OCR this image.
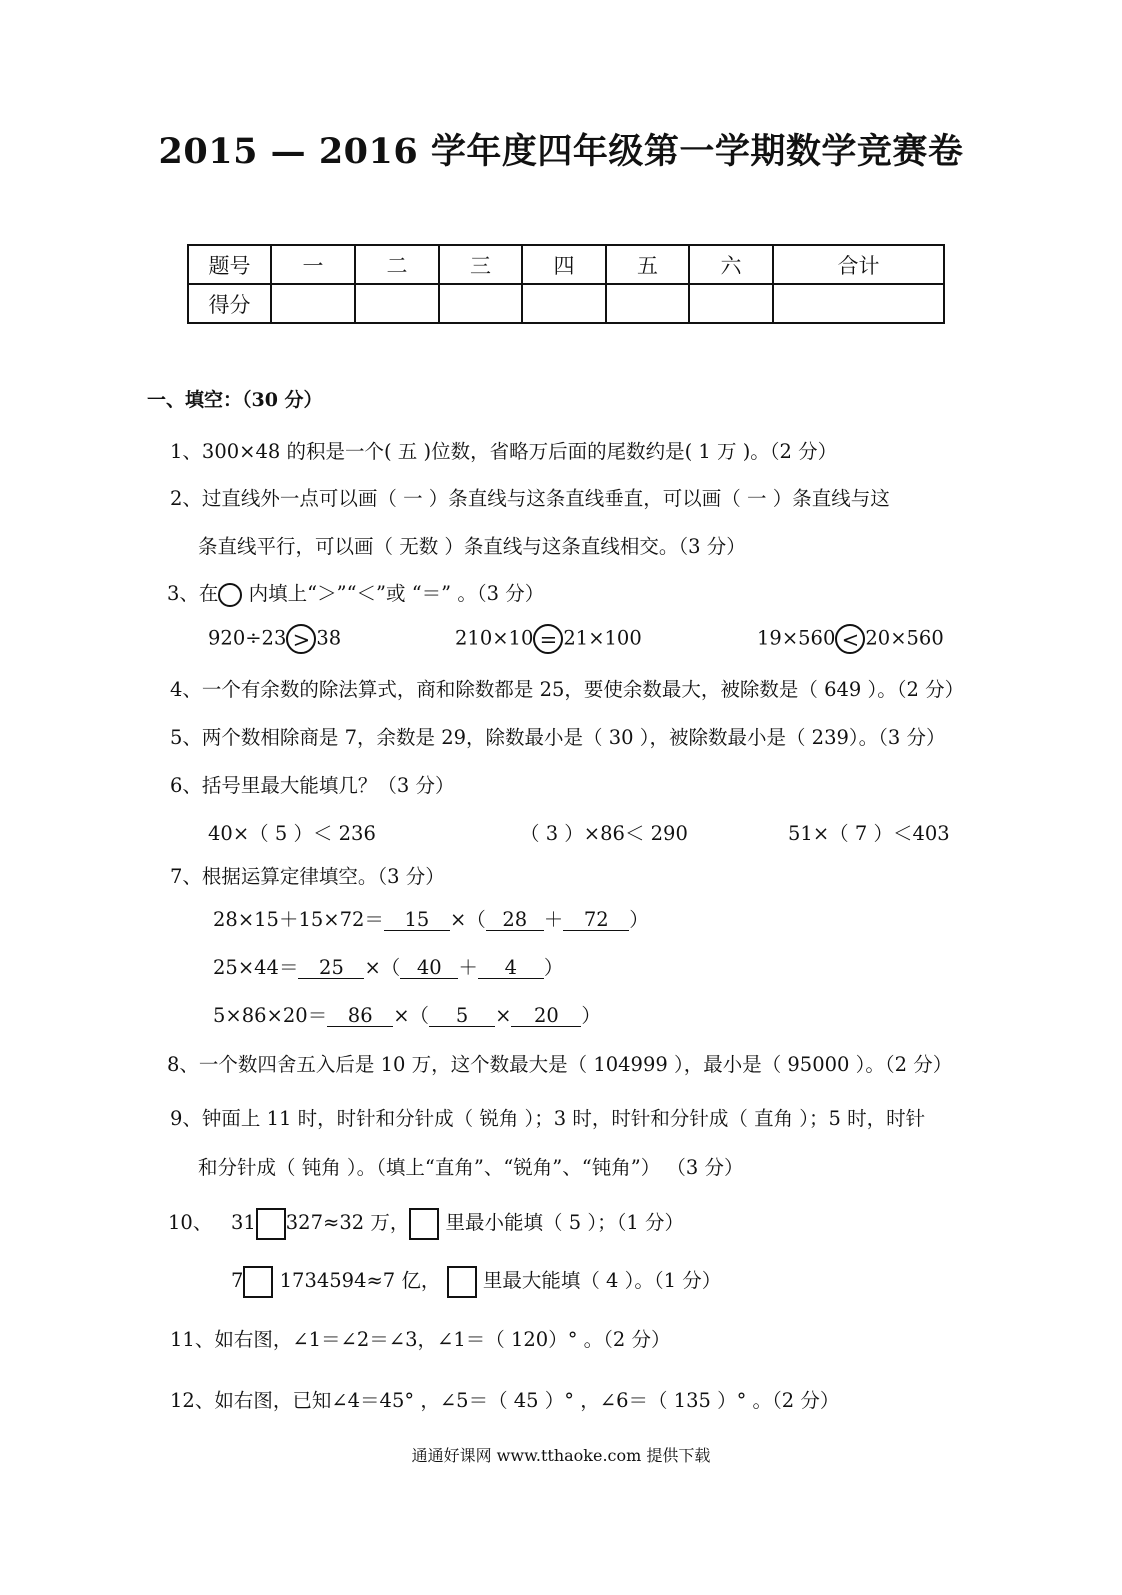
2015 — 2016 学年度四年级第一学期数学竞赛卷
题号	一	二	三	四	五	六	合计
得分							
一、填空：（30 分）
1、300×48 的积是一个( 五 )位数，省略万后面的尾数约是( 1 万 )。（2 分）
2、过直线外一点可以画（ 一 ）条直线与这条直线垂直，可以画（ 一 ）条直线与这
条直线平行，可以画（ 无数 ）条直线与这条直线相交。（3 分）
3、在 内填上“＞”“＜”或 “＝” 。（3 分）
920÷23 > 38	210×10 = 21×100	19×560 < 20×560
4、一个有余数的除法算式，商和除数都是 25，要使余数最大，被除数是（ 649 ）。（2 分）
5、两个数相除商是 7，余数是 29，除数最小是（ 30 ），被除数最小是（ 239）。（3 分）
6、括号里最大能填几？（3 分）
40×（ 5 ）＜ 236	（ 3 ）×86＜ 290	51×（ 7 ）＜403
7、根据运算定律填空。（3 分）
28×15＋15×72＝ 15 ×（ 28 ＋ 72 ）
25×44＝ 25 ×（ 40 ＋ 4 ）
5×86×20＝ 86 ×（ 5 × 20 ）
8、一个数四舍五入后是 10 万，这个数最大是（ 104999 ），最小是（ 95000 ）。（2 分）
9、钟面上 11 时，时针和分针成（ 锐角 ）；3 时，时针和分针成（ 直角 ）；5 时，时针
和分针成（ 钝角 ）。（填上“直角”、“锐角”、“钝角”） （3 分）
10、 31 327≈32 万， 里最小能填（ 5 ）；（1 分）
7 1734594≈7 亿， 里最大能填（ 4 ）。（1 分）
11、如右图，∠1＝∠2＝∠3，∠1＝（ 120）° 。（2 分）
12、如右图，已知∠4＝45° ，∠5＝（ 45 ）° ，∠6＝（ 135 ）° 。（2 分）
通通好课网 www.tthaoke.com 提供下载
